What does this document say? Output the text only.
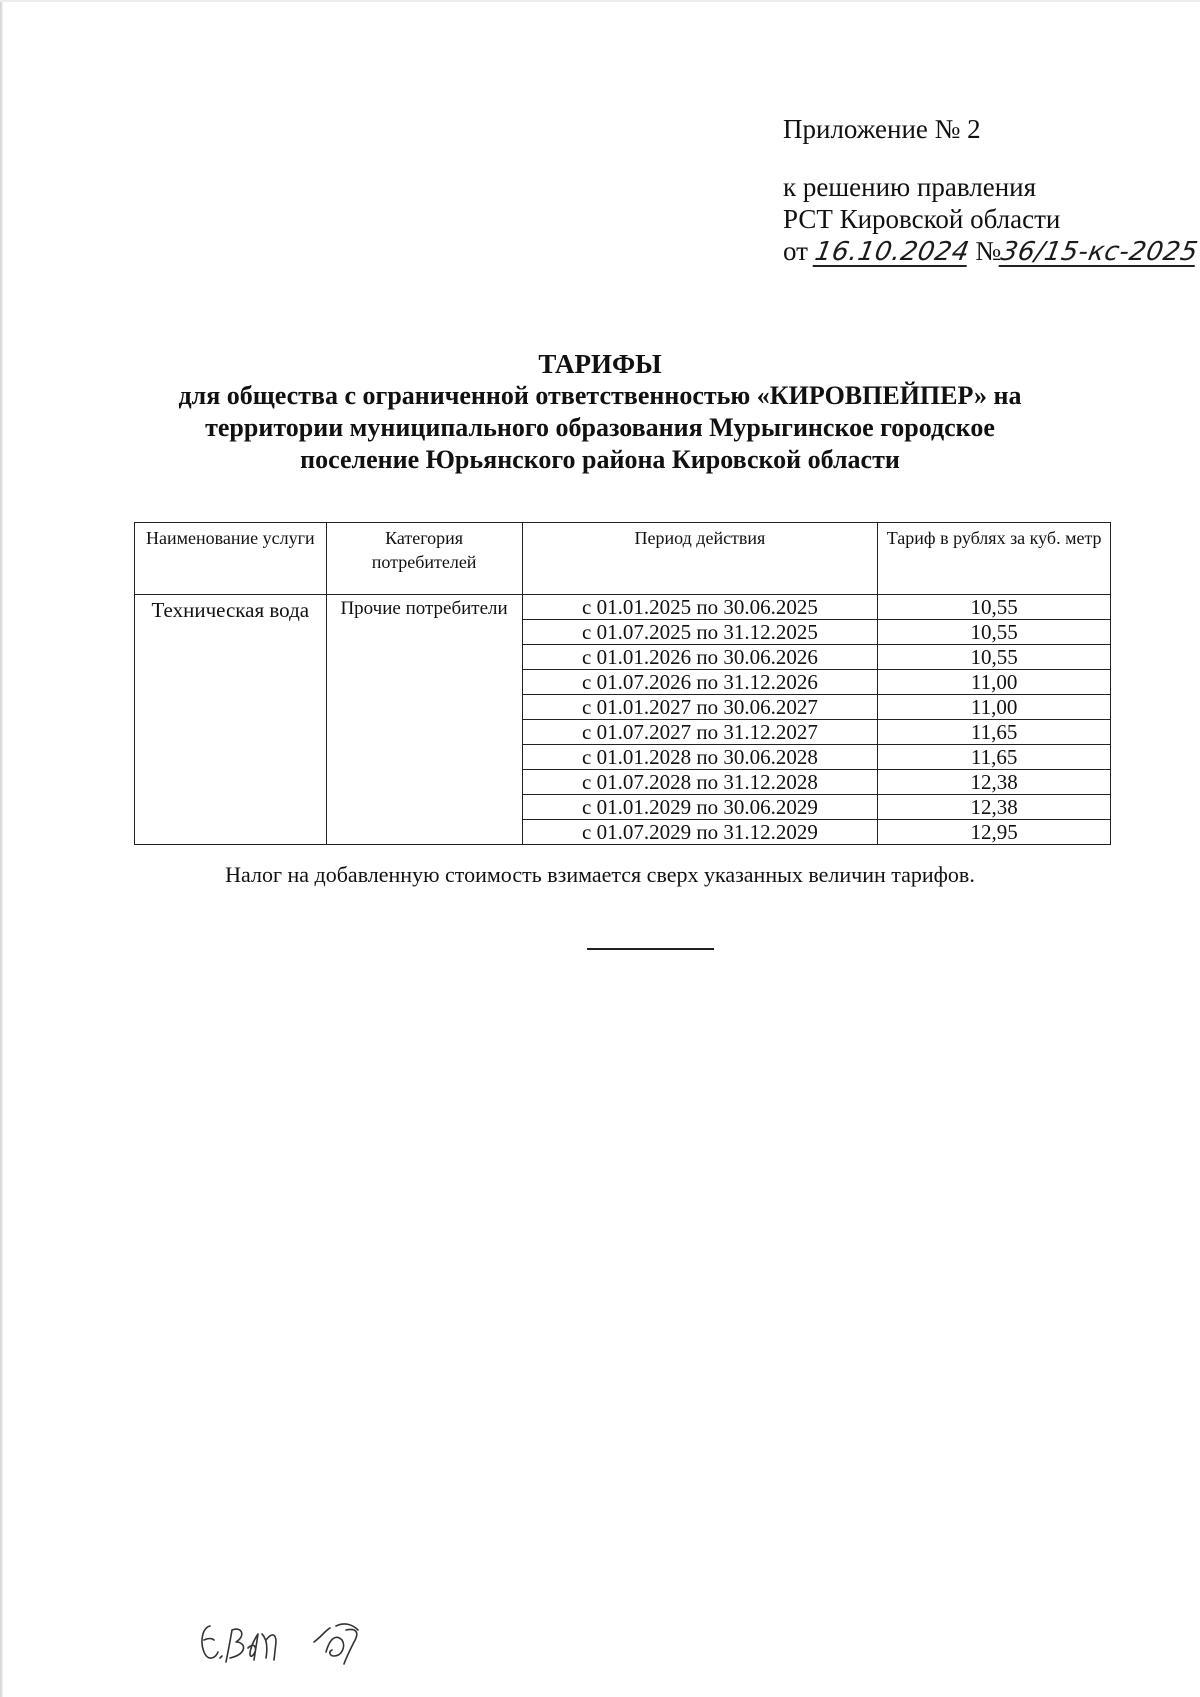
Приложение № 2
к решению правления
РСТ Кировской области
от 16.10.2024 №36/15-кс-2025
ТАРИФЫ
для общества с ограниченной ответственностью «КИРОВПЕЙПЕР» на
территории муниципального образования Мурыгинское городское
поселение Юрьянского района Кировской области
Наименование услуги	Категория потребителей	Период действия	Тариф в рублях за куб. метр
Техническая вода	Прочие потребители	с 01.01.2025 по 30.06.2025	10,55
		с 01.07.2025 по 31.12.2025	10,55
		с 01.01.2026 по 30.06.2026	10,55
		с 01.07.2026 по 31.12.2026	11,00
		с 01.01.2027 по 30.06.2027	11,00
		с 01.07.2027 по 31.12.2027	11,65
		с 01.01.2028 по 30.06.2028	11,65
		с 01.07.2028 по 31.12.2028	12,38
		с 01.01.2029 по 30.06.2029	12,38
		с 01.07.2029 по 31.12.2029	12,95
Налог на добавленную стоимость взимается сверх указанных величин тарифов.
